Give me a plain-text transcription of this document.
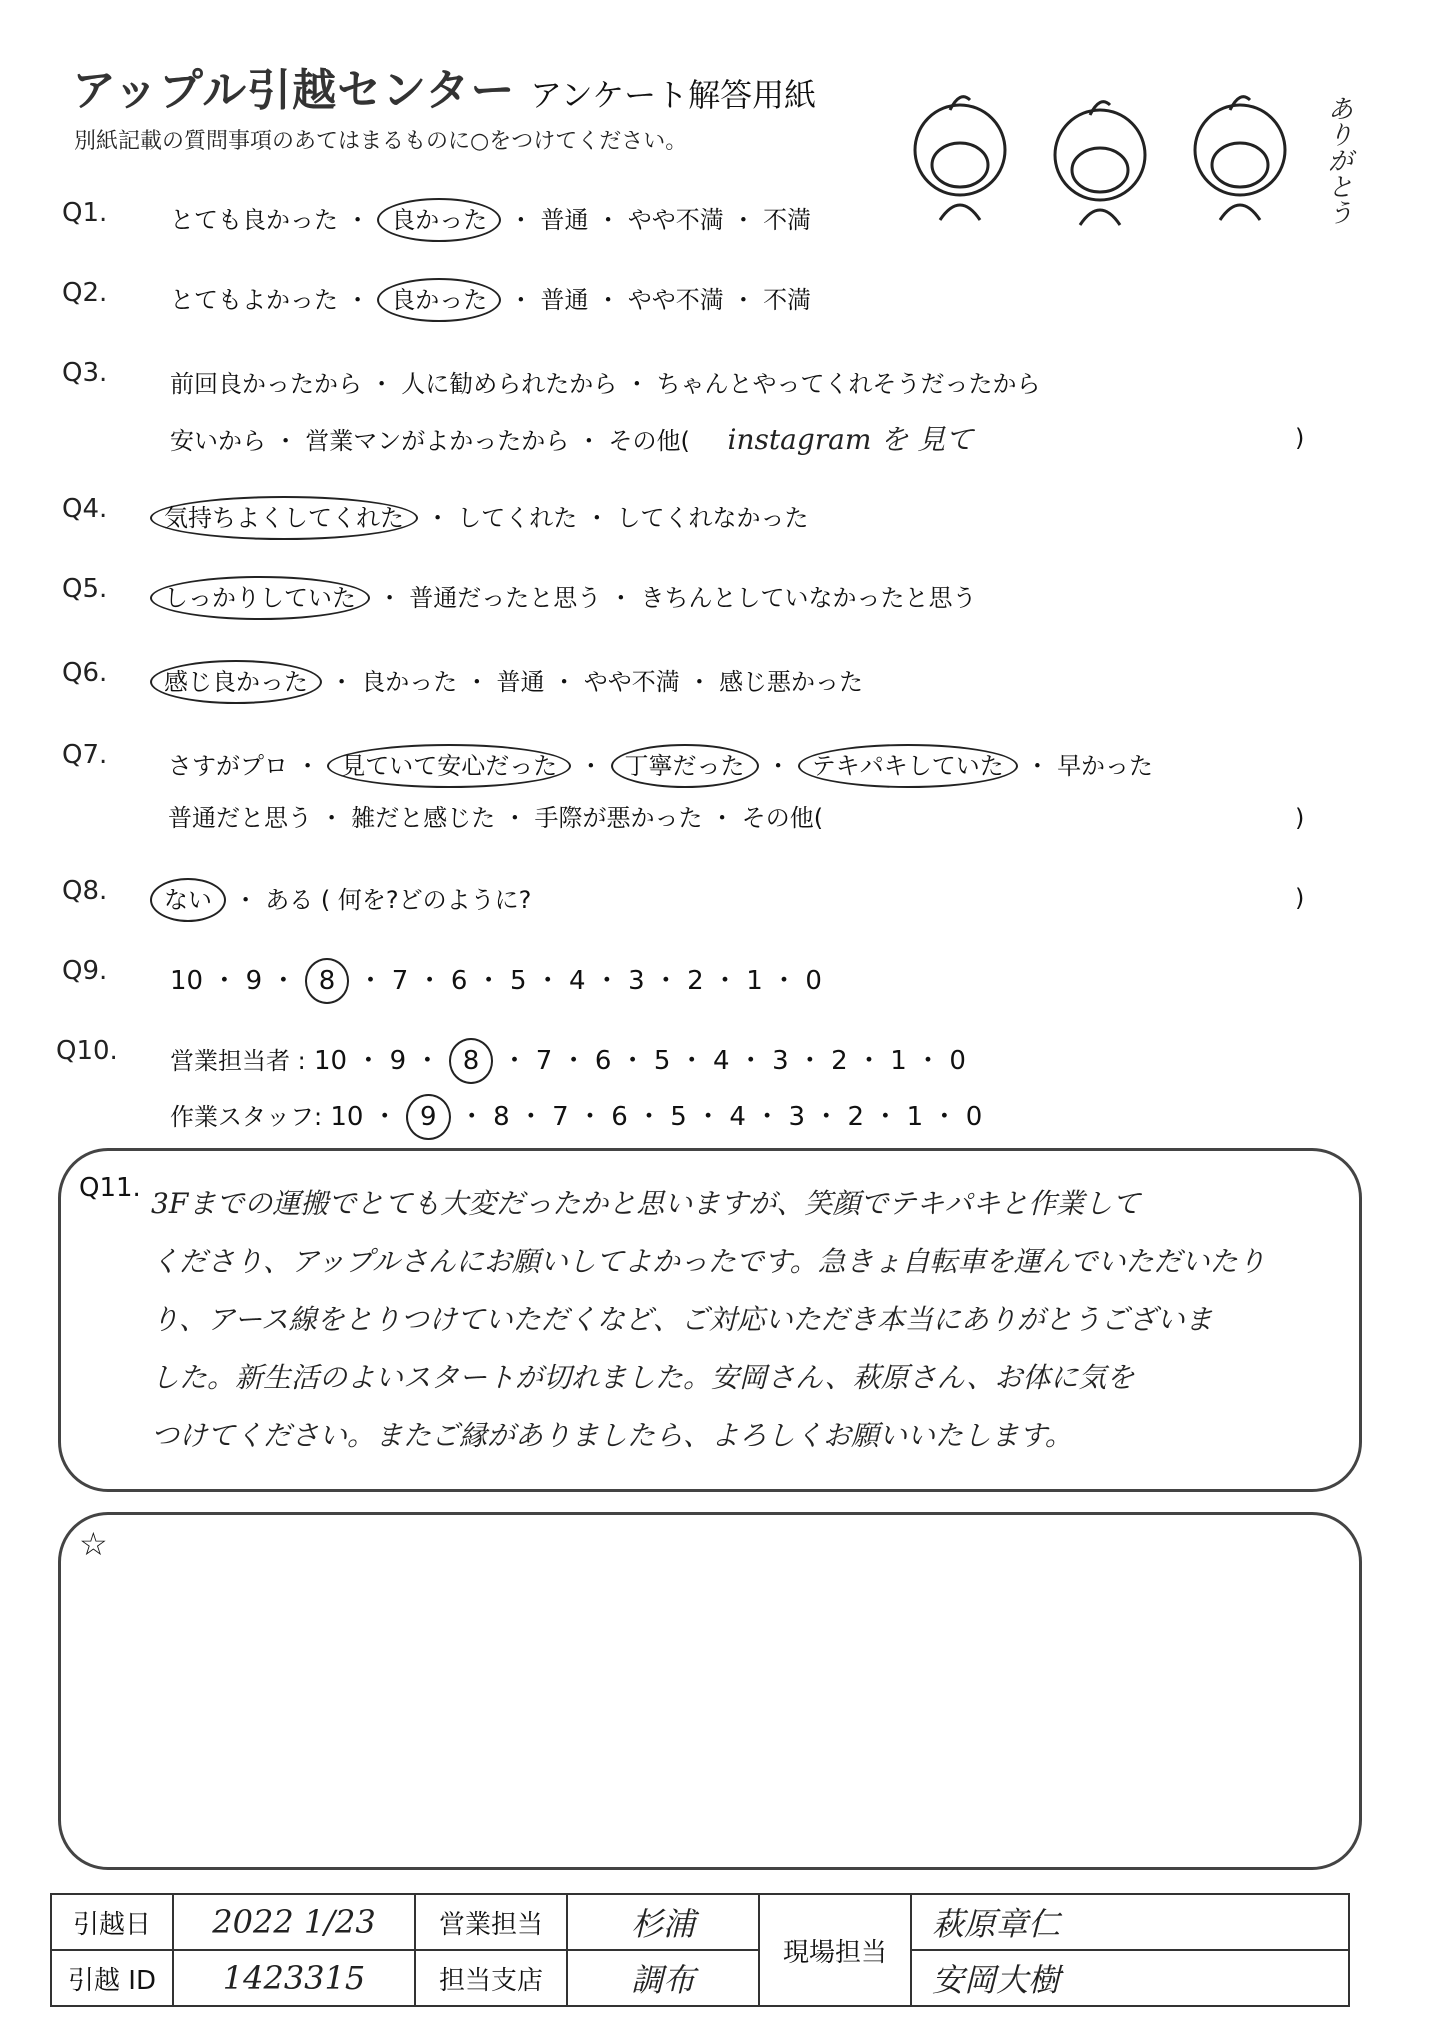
アップル引越センター アンケート解答用紙
別紙記載の質問事項のあてはまるものに○をつけてください。	ありがとう
Q1.	とても良かった ・ 良かった ・ 普通 ・ やや不満 ・ 不満
Q2.	とてもよかった ・ 良かった ・ 普通 ・ やや不満 ・ 不満
Q3.	前回良かったから ・ 人に勧められたから ・ ちゃんとやってくれそうだったから
安いから ・ 営業マンがよかったから ・ その他( instagram を 見て	)
Q4.	気持ちよくしてくれた ・ してくれた ・ してくれなかった
Q5.	しっかりしていた ・ 普通だったと思う ・ きちんとしていなかったと思う
Q6.	感じ良かった ・ 良かった ・ 普通 ・ やや不満 ・ 感じ悪かった
Q7.	さすがプロ ・ 見ていて安心だった ・ 丁寧だった ・ テキパキしていた ・ 早かった
普通だと思う ・ 雑だと感じた ・ 手際が悪かった ・ その他(	)
Q8.	ない ・ ある ( 何を?どのように?	)
Q9. 10 ・ 9 ・ 8 ・ 7 ・ 6 ・ 5 ・ 4 ・ 3 ・ 2 ・ 1 ・ 0
Q10. 営業担当者 : 10 ・ 9 ・ 8 ・ 7 ・ 6 ・ 5 ・ 4 ・ 3 ・ 2 ・ 1 ・ 0
作業スタッフ: 10 ・ 9 ・ 8 ・ 7 ・ 6 ・ 5 ・ 4 ・ 3 ・ 2 ・ 1 ・ 0
Q11. 3Fまでの運搬でとても大変だったかと思いますが、笑顔でテキパキと作業して
くださり、アップルさんにお願いしてよかったです。急きょ自転車を運んでいただいたり
り、アース線をとりつけていただくなど、ご対応いただき本当にありがとうございま
した。新生活のよいスタートが切れました。安岡さん、萩原さん、お体に気を
つけてください。またご縁がありましたら、よろしくお願いいたします。
☆
引越日	2022 1/23	営業担当	杉浦	現場担当	萩原章仁
引越 ID	1423315	担当支店	調布		安岡大樹
